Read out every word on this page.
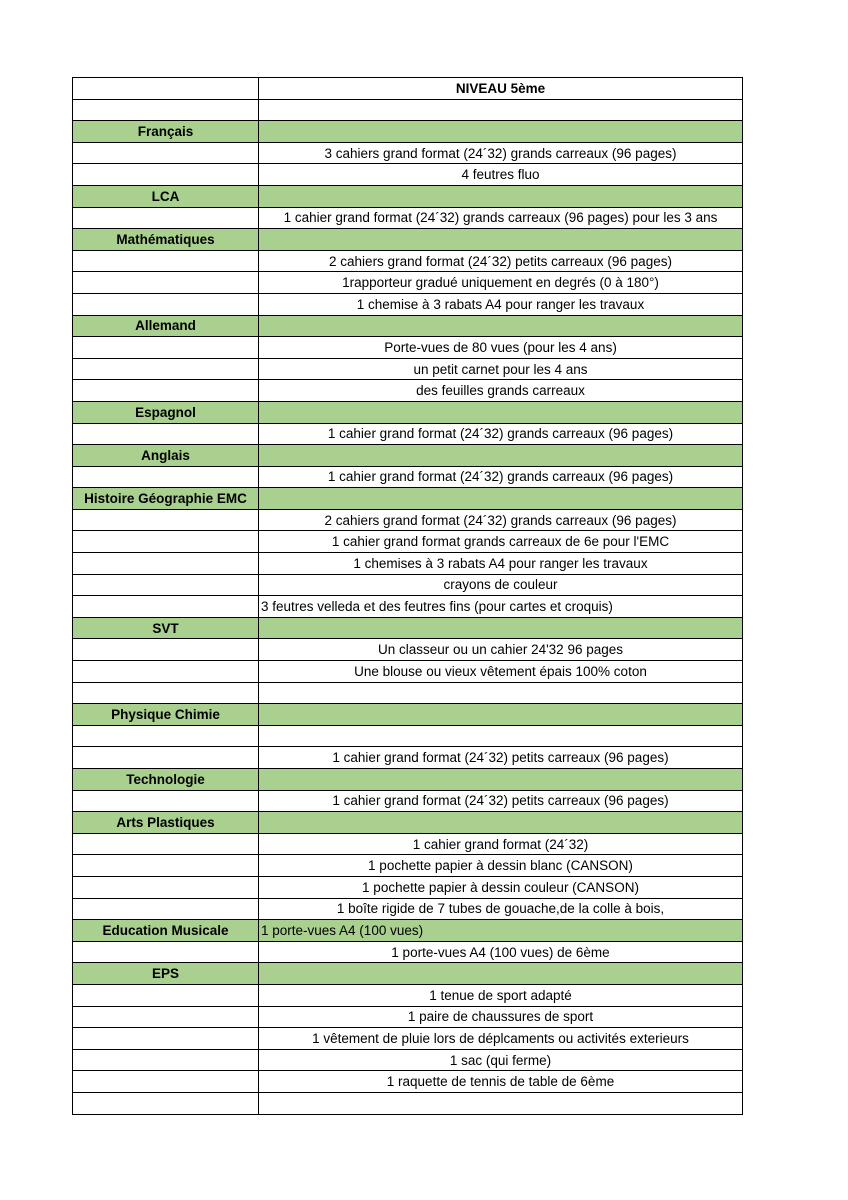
	NIVEAU 5ème

Français	
	3 cahiers grand format (24´32) grands carreaux (96 pages)
	4 feutres fluo
LCA	
	1 cahier grand format (24´32) grands carreaux (96 pages) pour les 3 ans
Mathématiques	
	2 cahiers grand format (24´32) petits carreaux (96 pages)
	1rapporteur gradué uniquement en degrés (0 à 180°)
	1 chemise à 3 rabats A4 pour ranger les travaux
Allemand	
	Porte-vues de 80 vues (pour les 4 ans)
	un petit carnet pour les 4 ans
	des feuilles grands carreaux
Espagnol	
	1 cahier grand format (24´32) grands carreaux (96 pages)
Anglais	
	1 cahier grand format (24´32) grands carreaux (96 pages)
Histoire Géographie EMC	
	2 cahiers grand format (24´32) grands carreaux (96 pages)
	1 cahier grand format grands carreaux de 6e pour l'EMC
	1 chemises à 3 rabats A4 pour ranger les travaux
	crayons de couleur
	3 feutres velleda et des feutres fins (pour cartes et croquis)
SVT	
	Un classeur ou un cahier 24'32 96 pages
	Une blouse ou vieux vêtement épais 100% coton

Physique Chimie	

	1 cahier grand format (24´32) petits carreaux (96 pages)
Technologie	
	1 cahier grand format (24´32) petits carreaux (96 pages)
Arts Plastiques	
	1 cahier grand format (24´32)
	1 pochette papier à dessin blanc (CANSON)
	1 pochette papier à dessin couleur (CANSON)
	1 boîte rigide de 7 tubes de gouache,de la colle à bois,
Education Musicale	1 porte-vues A4 (100 vues)
	1 porte-vues A4 (100 vues) de 6ème
EPS	
	1 tenue de sport adapté
	1 paire de chaussures de sport
	1 vêtement de pluie lors de déplcaments ou activités exterieurs
	1 sac (qui ferme)
	1 raquette de tennis de table de 6ème
